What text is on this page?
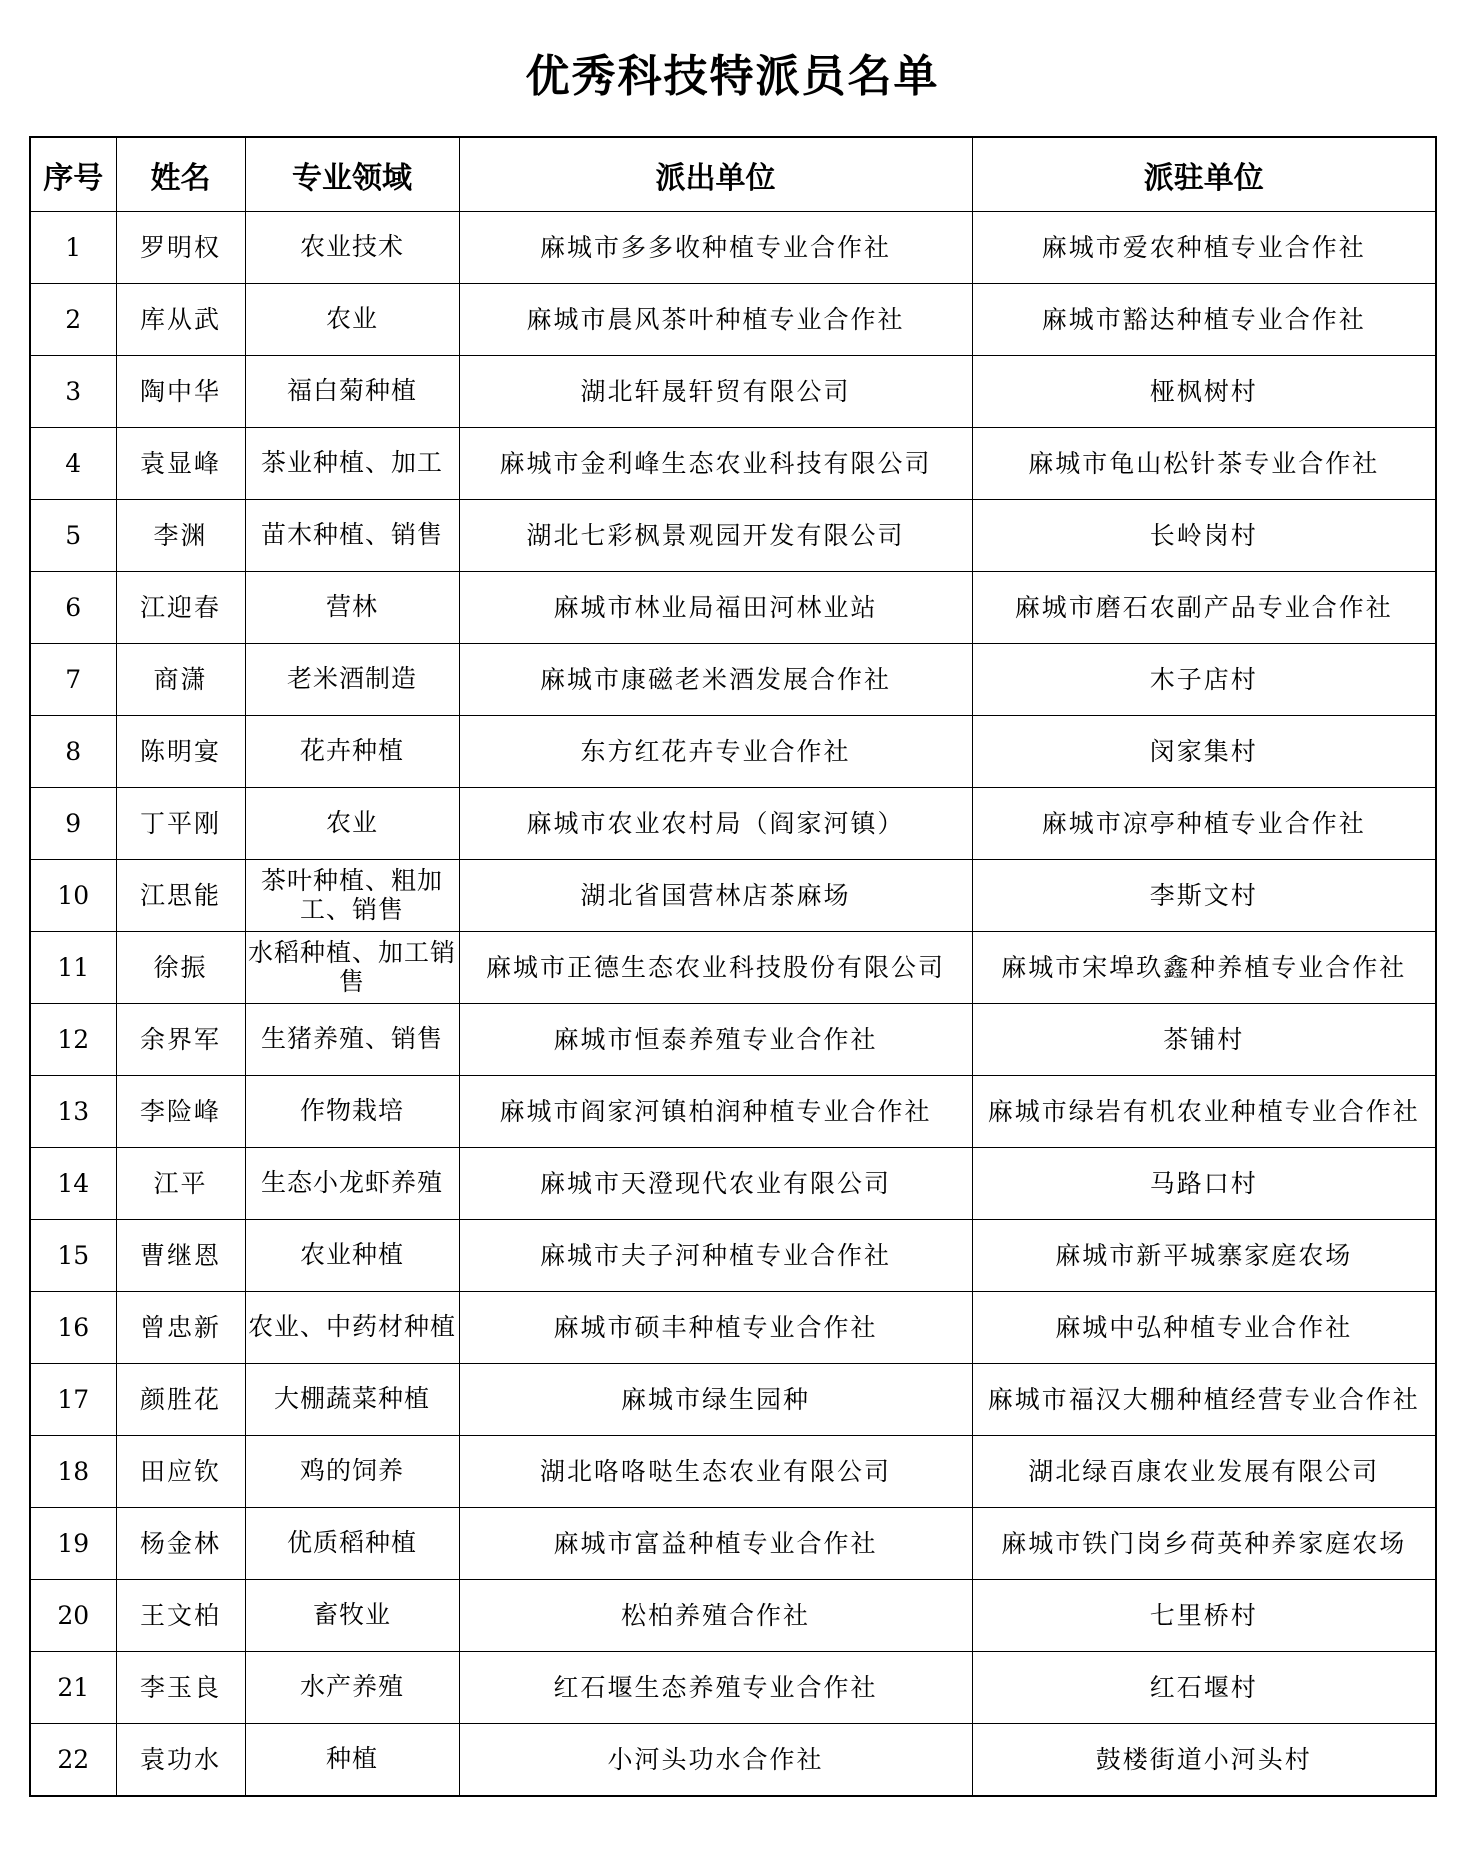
优秀科技特派员名单
序号	姓名	专业领域	派出单位	派驻单位
1	罗明权	农业技术	麻城市多多收种植专业合作社	麻城市爱农种植专业合作社
2	库从武	农业	麻城市晨风茶叶种植专业合作社	麻城市豁达种植专业合作社
3	陶中华	福白菊种植	湖北轩晟轩贸有限公司	桠枫树村
4	袁显峰	茶业种植、加工	麻城市金利峰生态农业科技有限公司	麻城市龟山松针茶专业合作社
5	李渊	苗木种植、销售	湖北七彩枫景观园开发有限公司	长岭岗村
6	江迎春	营林	麻城市林业局福田河林业站	麻城市磨石农副产品专业合作社
7	商潇	老米酒制造	麻城市康磁老米酒发展合作社	木子店村
8	陈明宴	花卉种植	东方红花卉专业合作社	闵家集村
9	丁平刚	农业	麻城市农业农村局（阎家河镇）	麻城市凉亭种植专业合作社
10	江思能	茶叶种植、粗加工、销售	湖北省国营林店茶麻场	李斯文村
11	徐振	水稻种植、加工销售	麻城市正德生态农业科技股份有限公司	麻城市宋埠玖鑫种养植专业合作社
12	余界军	生猪养殖、销售	麻城市恒泰养殖专业合作社	茶铺村
13	李险峰	作物栽培	麻城市阎家河镇柏润种植专业合作社	麻城市绿岩有机农业种植专业合作社
14	江平	生态小龙虾养殖	麻城市天澄现代农业有限公司	马路口村
15	曹继恩	农业种植	麻城市夫子河种植专业合作社	麻城市新平城寨家庭农场
16	曾忠新	农业、中药材种植	麻城市硕丰种植专业合作社	麻城中弘种植专业合作社
17	颜胜花	大棚蔬菜种植	麻城市绿生园种	麻城市福汉大棚种植经营专业合作社
18	田应钦	鸡的饲养	湖北咯咯哒生态农业有限公司	湖北绿百康农业发展有限公司
19	杨金林	优质稻种植	麻城市富益种植专业合作社	麻城市铁门岗乡荷英种养家庭农场
20	王文柏	畜牧业	松柏养殖合作社	七里桥村
21	李玉良	水产养殖	红石堰生态养殖专业合作社	红石堰村
22	袁功水	种植	小河头功水合作社	鼓楼街道小河头村
